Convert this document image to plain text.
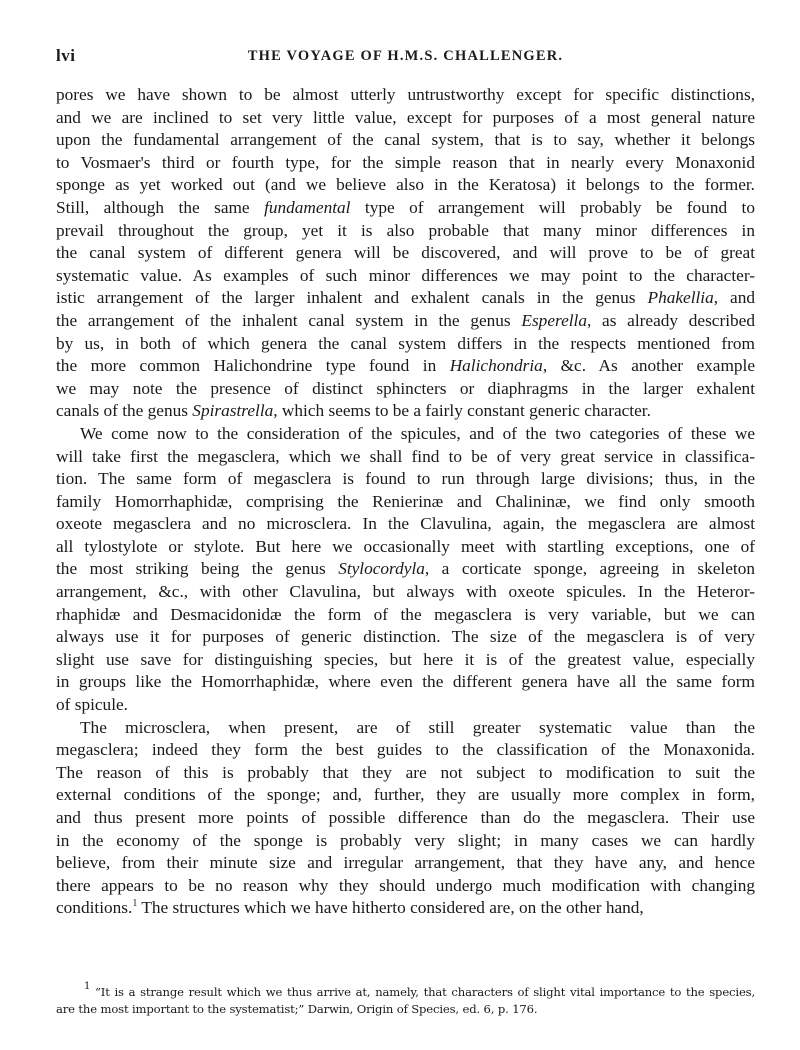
lvi	THE VOYAGE OF H.M.S. CHALLENGER.
pores we have shown to be almost utterly untrustworthy except for specific distinctions,
and we are inclined to set very little value, except for purposes of a most general nature
upon the fundamental arrangement of the canal system, that is to say, whether it belongs
to Vosmaer's third or fourth type, for the simple reason that in nearly every Monaxonid
sponge as yet worked out (and we believe also in the Keratosa) it belongs to the former.
Still, although the same fundamental type of arrangement will probably be found to
prevail throughout the group, yet it is also probable that many minor differences in
the canal system of different genera will be discovered, and will prove to be of great
systematic value. As examples of such minor differences we may point to the character-
istic arrangement of the larger inhalent and exhalent canals in the genus Phakellia, and
the arrangement of the inhalent canal system in the genus Esperella, as already described
by us, in both of which genera the canal system differs in the respects mentioned from
the more common Halichondrine type found in Halichondria, &c. As another example
we may note the presence of distinct sphincters or diaphragms in the larger exhalent
canals of the genus Spirastrella, which seems to be a fairly constant generic character.
We come now to the consideration of the spicules, and of the two categories of these we
will take first the megasclera, which we shall find to be of very great service in classifica-
tion. The same form of megasclera is found to run through large divisions; thus, in the
family Homorrhaphidæ, comprising the Renierinæ and Chalininæ, we find only smooth
oxeote megasclera and no microsclera. In the Clavulina, again, the megasclera are almost
all tylostylote or stylote. But here we occasionally meet with startling exceptions, one of
the most striking being the genus Stylocordyla, a corticate sponge, agreeing in skeleton
arrangement, &c., with other Clavulina, but always with oxeote spicules. In the Heteror-
rhaphidæ and Desmacidonidæ the form of the megasclera is very variable, but we can
always use it for purposes of generic distinction. The size of the megasclera is of very
slight use save for distinguishing species, but here it is of the greatest value, especially
in groups like the Homorrhaphidæ, where even the different genera have all the same form
of spicule.
The microsclera, when present, are of still greater systematic value than the
megasclera; indeed they form the best guides to the classification of the Monaxonida.
The reason of this is probably that they are not subject to modification to suit the
external conditions of the sponge; and, further, they are usually more complex in form,
and thus present more points of possible difference than do the megasclera. Their use
in the economy of the sponge is probably very slight; in many cases we can hardly
believe, from their minute size and irregular arrangement, that they have any, and hence
there appears to be no reason why they should undergo much modification with changing
conditions.$^1$ The structures which we have hitherto considered are, on the other hand,
1 “It is a strange result which we thus arrive at, namely, that characters of slight vital importance to the species,
are the most important to the systematist;” Darwin, Origin of Species, ed. 6, p. 176.
